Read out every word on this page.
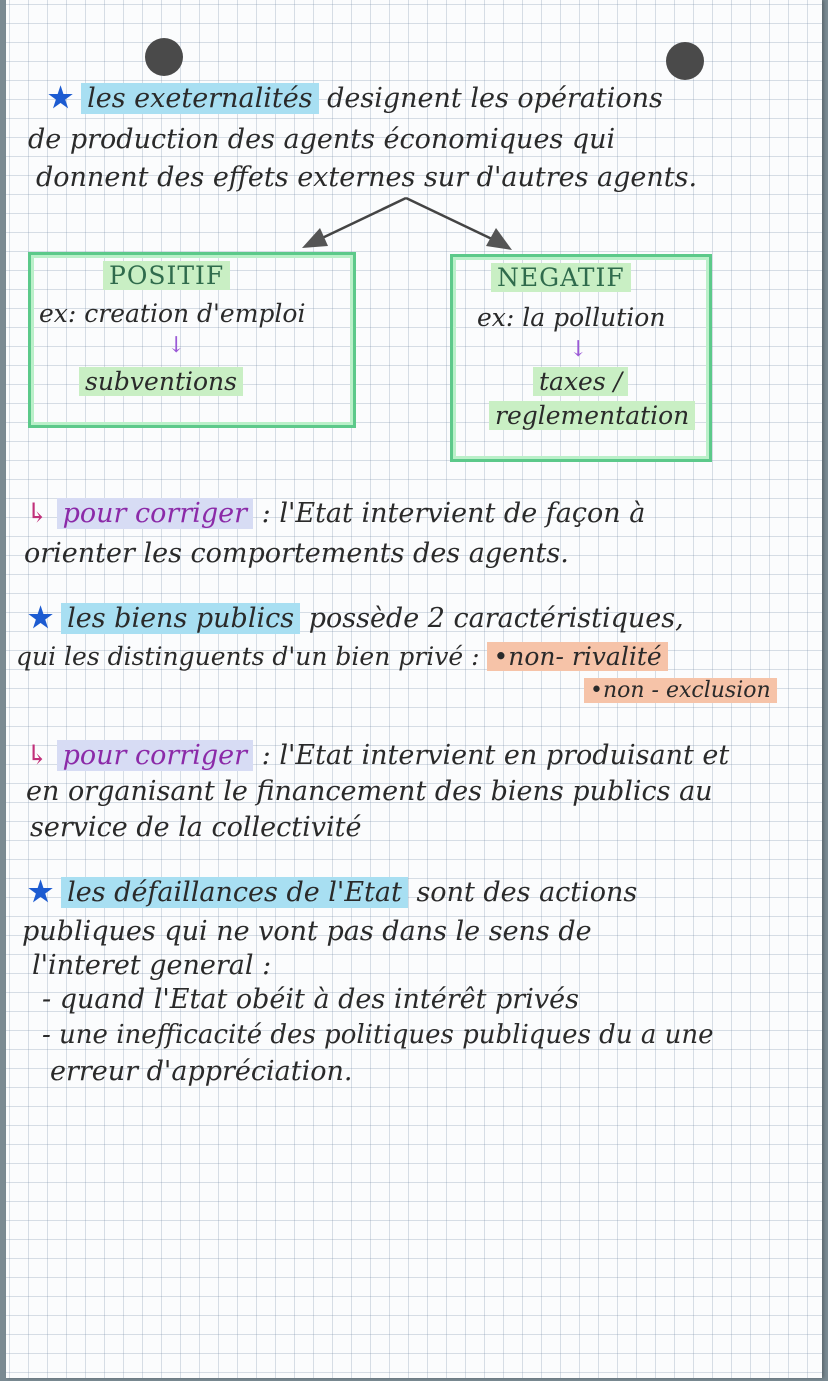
★ les exeternalités designent les opérations
de production des agents économiques qui
donnent des effets externes sur d'autres agents.
POSITIF
ex: creation d'emploi
↓
subventions
NEGATIF
ex: la pollution
↓
taxes /
reglementation
↳ pour corriger : l'Etat intervient de façon à
orienter les comportements des agents.
★ les biens publics possède 2 caractéristiques,
qui les distinguents d'un bien privé : •non- rivalité
•non - exclusion
↳ pour corriger : l'Etat intervient en produisant et
en organisant le financement des biens publics au
service de la collectivité
★ les défaillances de l'Etat sont des actions
publiques qui ne vont pas dans le sens de
l'interet general :
- quand l'Etat obéit à des intérêt privés
- une inefficacité des politiques publiques du a une
erreur d'appréciation.
